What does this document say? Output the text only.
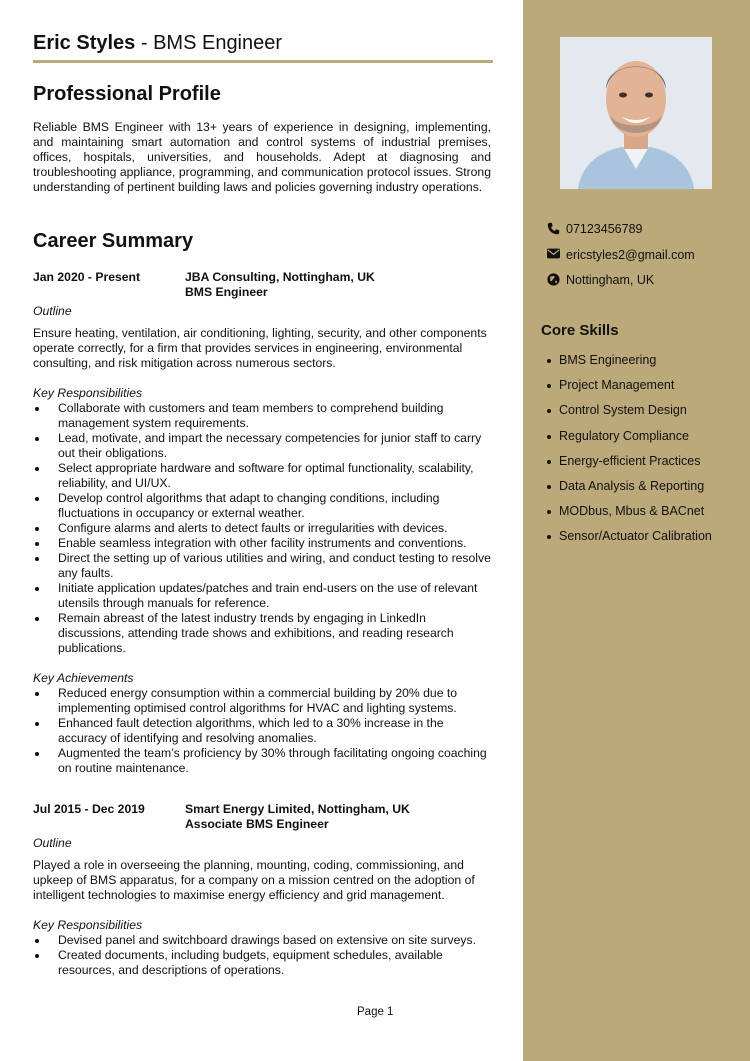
Eric Styles - BMS Engineer
Professional Profile

Reliable BMS Engineer with 13+ years of experience in designing, implementing, and maintaining smart automation and control systems of industrial premises, offices, hospitals, universities, and households. Adept at diagnosing and troubleshooting appliance, programming, and communication protocol issues. Strong understanding of pertinent building laws and policies governing industry operations.

Career Summary
Jan 2020 - Present	JBA Consulting, Nottingham, UK
BMS Engineer

Outline

Ensure heating, ventilation, air conditioning, lighting, security, and other components operate correctly, for a firm that provides services in engineering, environmental consulting, and risk mitigation across numerous sectors.

Key Responsibilities

Collaborate with customers and team members to comprehend building management system requirements.
Lead, motivate, and impart the necessary competencies for junior staff to carry out their obligations.
Select appropriate hardware and software for optimal functionality, scalability, reliability, and UI/UX.
Develop control algorithms that adapt to changing conditions, including fluctuations in occupancy or external weather.
Configure alarms and alerts to detect faults or irregularities with devices.
Enable seamless integration with other facility instruments and conventions.
Direct the setting up of various utilities and wiring, and conduct testing to resolve any faults.
Initiate application updates/patches and train end-users on the use of relevant utensils through manuals for reference.
Remain abreast of the latest industry trends by engaging in LinkedIn discussions, attending trade shows and exhibitions, and reading research publications.

Key Achievements

Reduced energy consumption within a commercial building by 20% due to implementing optimised control algorithms for HVAC and lighting systems.
Enhanced fault detection algorithms, which led to a 30% increase in the accuracy of identifying and resolving anomalies.
Augmented the team’s proficiency by 30% through facilitating ongoing coaching on routine maintenance.
Jul 2015 - Dec 2019	Smart Energy Limited, Nottingham, UK
Associate BMS Engineer

Outline

Played a role in overseeing the planning, mounting, coding, commissioning, and upkeep of BMS apparatus, for a company on a mission centred on the adoption of intelligent technologies to maximise energy efficiency and grid management.

Key Responsibilities

Devised panel and switchboard drawings based on extensive on site surveys.
Created documents, including budgets, equipment schedules, available resources, and descriptions of operations.
Page 1
07123456789
ericstyles2@gmail.com
Nottingham, UK
Core Skills
BMS Engineering
Project Management
Control System Design
Regulatory Compliance
Energy-efficient Practices
Data Analysis & Reporting
MODbus, Mbus & BACnet
Sensor/Actuator Calibration
